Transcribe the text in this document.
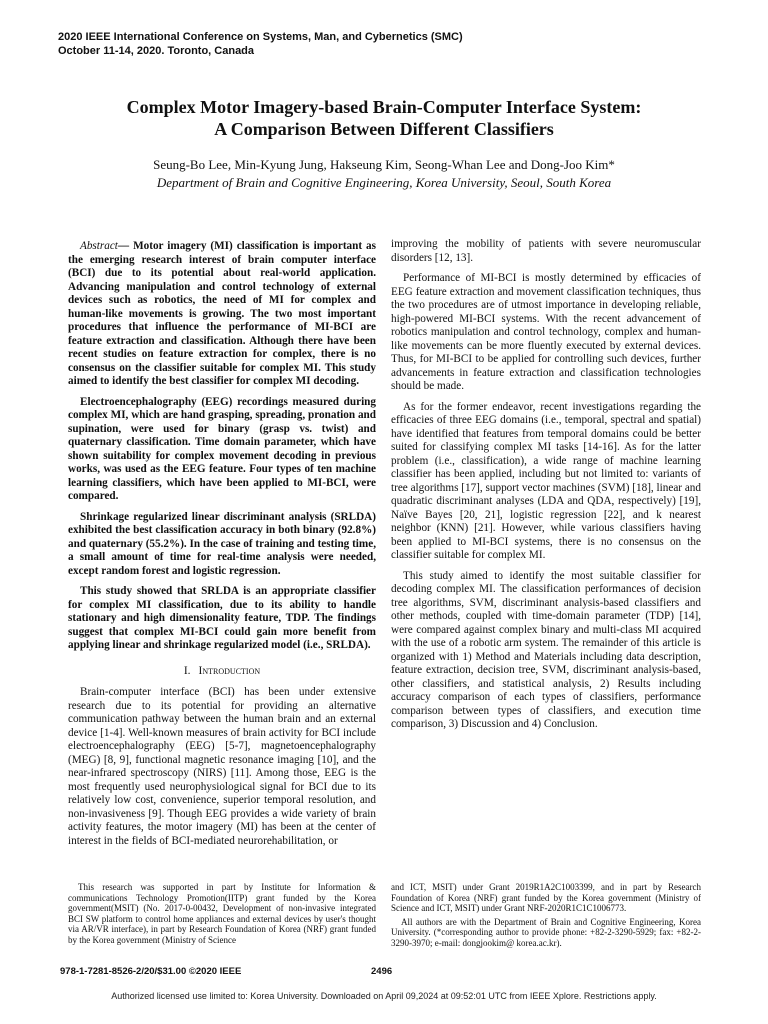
2020 IEEE International Conference on Systems, Man, and Cybernetics (SMC)
October 11-14, 2020. Toronto, Canada
Complex Motor Imagery-based Brain-Computer Interface System:
A Comparison Between Different Classifiers
Seung-Bo Lee, Min-Kyung Jung, Hakseung Kim, Seong-Whan Lee and Dong-Joo Kim*
Department of Brain and Cognitive Engineering, Korea University, Seoul, South Korea

Abstract— Motor imagery (MI) classification is important as the emerging research interest of brain computer interface (BCI) due to its potential about real-world application. Advancing manipulation and control technology of external devices such as robotics, the need of MI for complex and human-like movements is growing. The two most important procedures that influence the performance of MI-BCI are feature extraction and classification. Although there have been recent studies on feature extraction for complex, there is no consensus on the classifier suitable for complex MI. This study aimed to identify the best classifier for complex MI decoding.

Electroencephalography (EEG) recordings measured during complex MI, which are hand grasping, spreading, pronation and supination, were used for binary (grasp vs. twist) and quaternary classification. Time domain parameter, which have shown suitability for complex movement decoding in previous works, was used as the EEG feature. Four types of ten machine learning classifiers, which have been applied to MI-BCI, were compared.

Shrinkage regularized linear discriminant analysis (SRLDA) exhibited the best classification accuracy in both binary (92.8%) and quaternary (55.2%). In the case of training and testing time, a small amount of time for real-time analysis were needed, except random forest and logistic regression.

This study showed that SRLDA is an appropriate classifier for complex MI classification, due to its ability to handle stationary and high dimensionality feature, TDP. The findings suggest that complex MI-BCI could gain more benefit from applying linear and shrinkage regularized model (i.e., SRLDA).

I. Introduction

Brain-computer interface (BCI) has been under extensive research due to its potential for providing an alternative communication pathway between the human brain and an external device [1-4]. Well-known measures of brain activity for BCI include electroencephalography (EEG) [5-7], magnetoencephalography (MEG) [8, 9], functional magnetic resonance imaging [10], and the near-infrared spectroscopy (NIRS) [11]. Among those, EEG is the most frequently used neurophysiological signal for BCI due to its relatively low cost, convenience, superior temporal resolution, and non-invasiveness [9]. Though EEG provides a wide variety of brain activity features, the motor imagery (MI) has been at the center of interest in the fields of BCI-mediated neurorehabilitation, or

improving the mobility of patients with severe neuromuscular disorders [12, 13].

Performance of MI-BCI is mostly determined by efficacies of EEG feature extraction and movement classification techniques, thus the two procedures are of utmost importance in developing reliable, high-powered MI-BCI systems. With the recent advancement of robotics manipulation and control technology, complex and human-like movements can be more fluently executed by external devices. Thus, for MI-BCI to be applied for controlling such devices, further advancements in feature extraction and classification technologies should be made.

As for the former endeavor, recent investigations regarding the efficacies of three EEG domains (i.e., temporal, spectral and spatial) have identified that features from temporal domains could be better suited for classifying complex MI tasks [14-16]. As for the latter problem (i.e., classification), a wide range of machine learning classifier has been applied, including but not limited to: variants of tree algorithms [17], support vector machines (SVM) [18], linear and quadratic discriminant analyses (LDA and QDA, respectively) [19], Naïve Bayes [20, 21], logistic regression [22], and k nearest neighbor (KNN) [21]. However, while various classifiers having been applied to MI-BCI systems, there is no consensus on the classifier suitable for complex MI.

This study aimed to identify the most suitable classifier for decoding complex MI. The classification performances of decision tree algorithms, SVM, discriminant analysis-based classifiers and other methods, coupled with time-domain parameter (TDP) [14], were compared against complex binary and multi-class MI acquired with the use of a robotic arm system. The remainder of this article is organized with 1) Method and Materials including data description, feature extraction, decision tree, SVM, discriminant analysis-based, other classifiers, and statistical analysis, 2) Results including accuracy comparison of each types of classifiers, performance comparison between types of classifiers, and execution time comparison, 3) Discussion and 4) Conclusion.

This research was supported in part by Institute for Information & communications Technology Promotion(IITP) grant funded by the Korea government(MSIT) (No. 2017-0-00432, Development of non-invasive integrated BCI SW platform to control home appliances and external devices by user's thought via AR/VR interface), in part by Research Foundation of Korea (NRF) grant funded by the Korea government (Ministry of Science

and ICT, MSIT) under Grant 2019R1A2C1003399, and in part by Research Foundation of Korea (NRF) grant funded by the Korea government (Ministry of Science and ICT, MSIT) under Grant NRF-2020R1C1C1006773.

All authors are with the Department of Brain and Cognitive Engineering, Korea University. (*corresponding author to provide phone: +82-2-3290-5929; fax: +82-2-3290-3970; e-mail: dongjookim@ korea.ac.kr).

978-1-7281-8526-2/20/$31.00 ©2020 IEEE	2496
Authorized licensed use limited to: Korea University. Downloaded on April 09,2024 at 09:52:01 UTC from IEEE Xplore. Restrictions apply.
